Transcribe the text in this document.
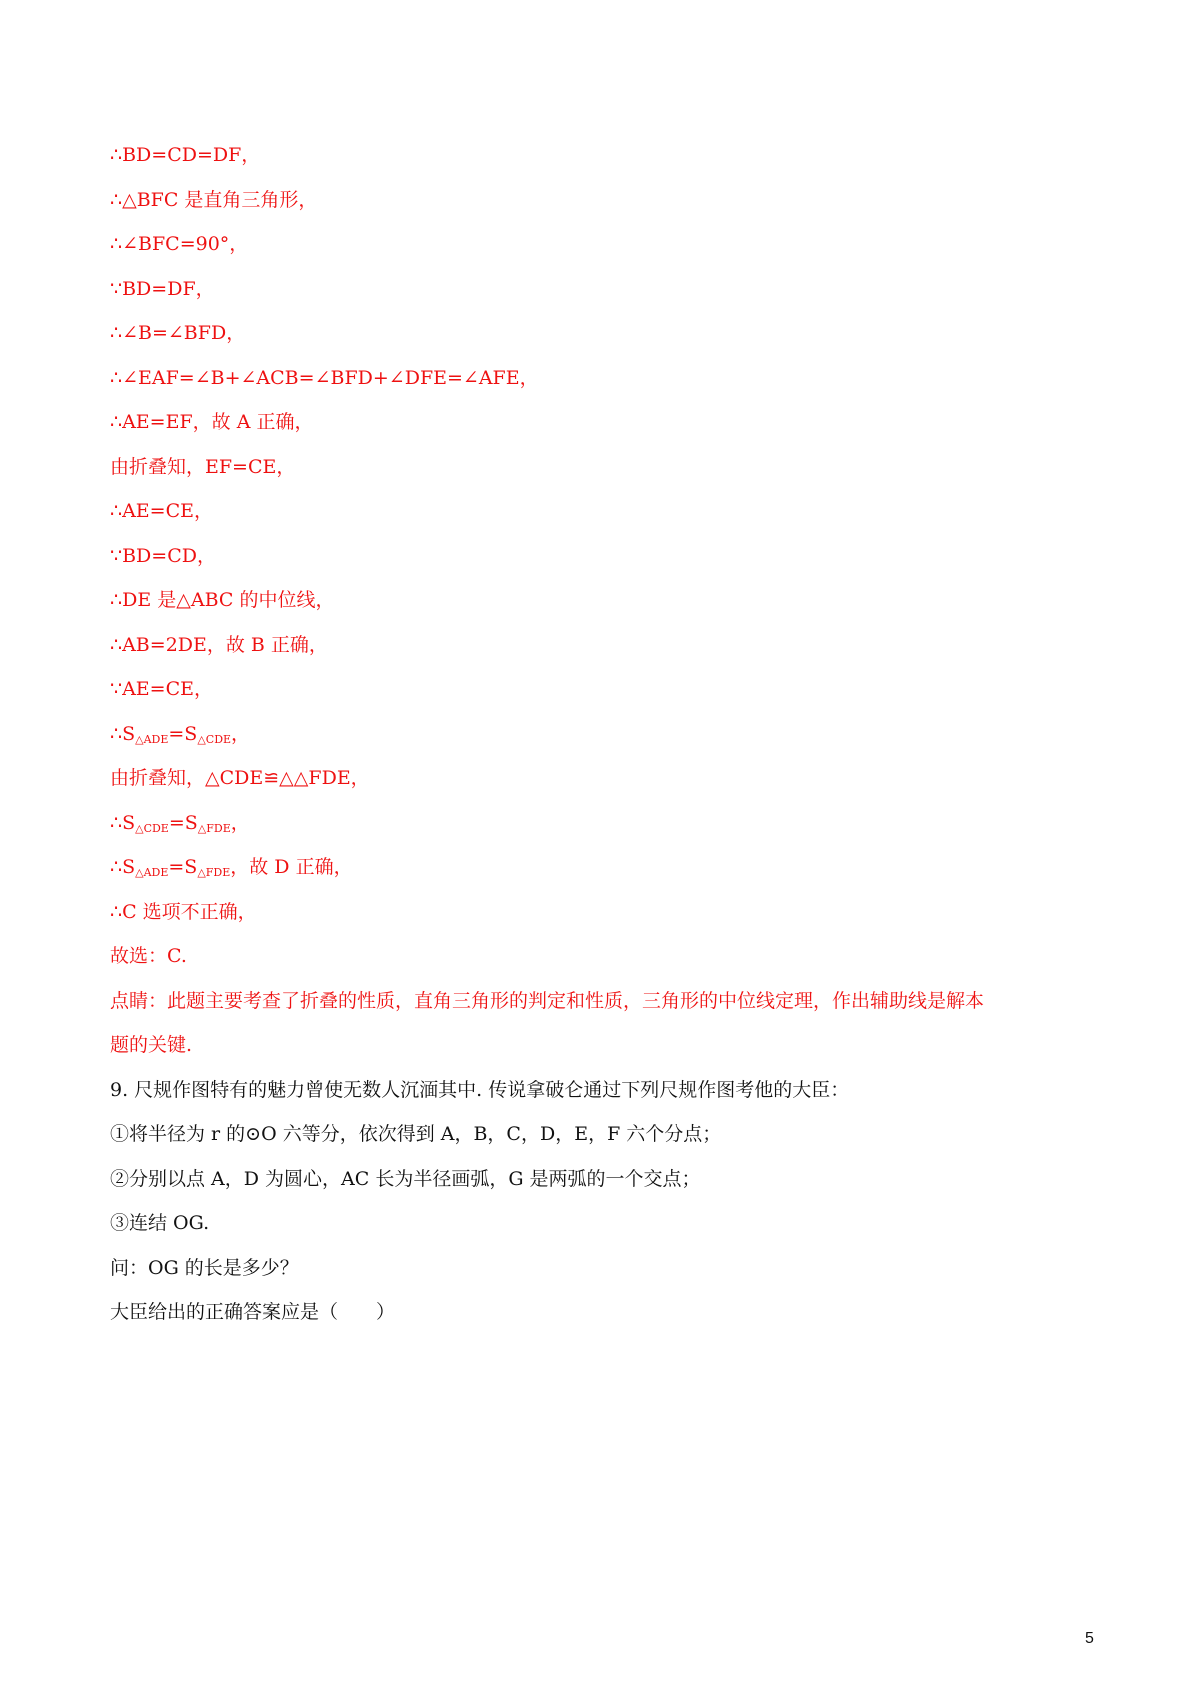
∴BD=CD=DF，
∴△BFC 是直角三角形，
∴∠BFC=90°，
∵BD=DF，
∴∠B=∠BFD，
∴∠EAF=∠B+∠ACB=∠BFD+∠DFE=∠AFE，
∴AE=EF，故 A 正确，
由折叠知，EF=CE，
∴AE=CE，
∵BD=CD，
∴DE 是△ABC 的中位线，
∴AB=2DE，故 B 正确，
∵AE=CE，
$\therefore S_{\triangle ADE}=S_{\triangle CDE}$，
由折叠知，△CDE≌△△FDE，
$\therefore S_{\triangle CDE}=S_{\triangle FDE}$，
$\therefore S_{\triangle ADE}=S_{\triangle FDE}$，故 D 正确，
∴C 选项不正确，
故选：C.
点睛：此题主要考查了折叠的性质，直角三角形的判定和性质，三角形的中位线定理，作出辅助线是解本
题的关键.
9. 尺规作图特有的魅力曾使无数人沉湎其中. 传说拿破仑通过下列尺规作图考他的大臣：
①将半径为 r 的⊙O 六等分，依次得到 A，B，C，D，E，F 六个分点；
②分别以点 A，D 为圆心，AC 长为半径画弧，G 是两弧的一个交点；
③连结 OG.
问：OG 的长是多少？
大臣给出的正确答案应是（　　）
5
